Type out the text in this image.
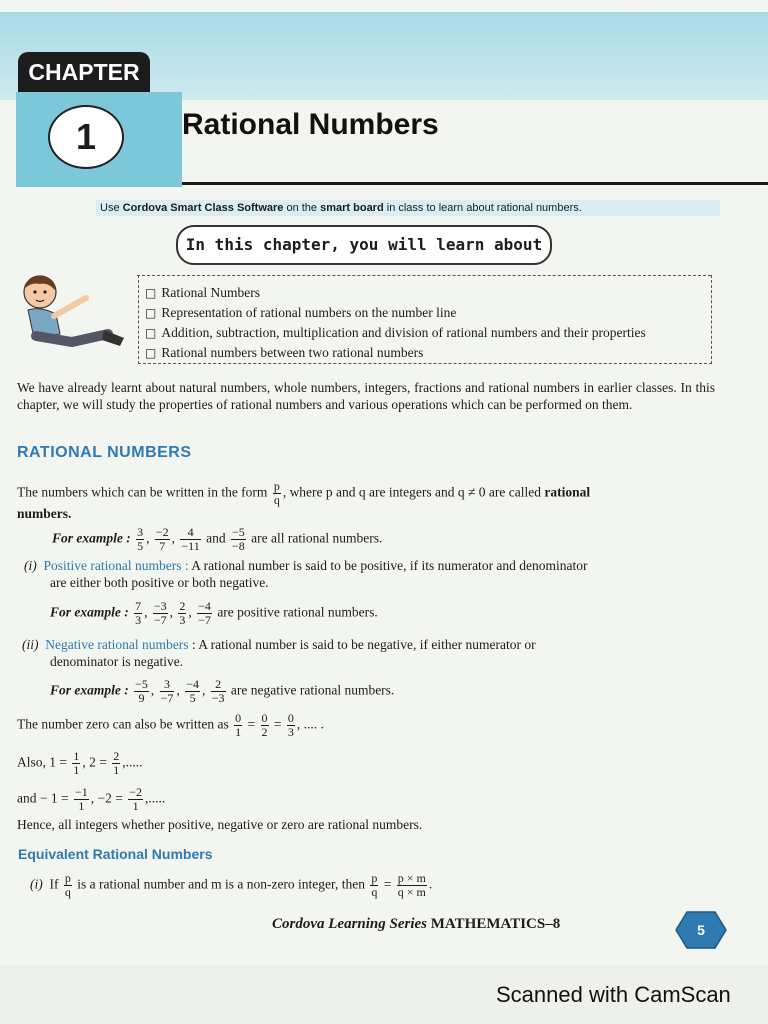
CHAPTER
1	Rational Numbers
Use Cordova Smart Class Software on the smart board in class to learn about rational numbers.
In this chapter, you will learn about
□ Rational Numbers
□ Representation of rational numbers on the number line
□ Addition, subtraction, multiplication and division of rational numbers and their properties
□ Rational numbers between two rational numbers
We have already learnt about natural numbers, whole numbers, integers, fractions and rational numbers in earlier classes. In this chapter, we will study the properties of rational numbers and various operations which can be performed on them.
RATIONAL NUMBERS
The numbers which can be written in the form $\frac{p}{q}$ , where p and q are integers and q ≠ 0 are called rational
numbers.
For example : $\frac{3}{5}$ , $\frac{-2}{7}$ , $\frac{4}{-11}$ and $\frac{-5}{-8}$ are all rational numbers.
(i) Positive rational numbers : A rational number is said to be positive, if its numerator and denominator
are either both positive or both negative.
For example : $\frac{7}{3}$ , $\frac{-3}{-7}$ , $\frac{2}{3}$ , $\frac{-4}{-7}$ are positive rational numbers.
(ii) Negative rational numbers : A rational number is said to be negative, if either numerator or
denominator is negative.
For example : $\frac{-5}{9}$ , $\frac{3}{-7}$ , $\frac{-4}{5}$ , $\frac{2}{-3}$ are negative rational numbers.
The number zero can also be written as $\frac{0}{1} = \frac{0}{2} = \frac{0}{3}$ , .... .
Also, $1 = \frac{1}{1}$ , $2 = \frac{2}{1}$ ,.....
and − $1 = \frac{-1}{1}$ , $-2 = \frac{-2}{1}$ ,.....
Hence, all integers whether positive, negative or zero are rational numbers.
Equivalent Rational Numbers
(i) If $\frac{p}{q}$ is a rational number and m is a non-zero integer, then $\frac{p}{q} = \frac{p \times m}{q \times m}$ .
Cordova Learning Series MATHEMATICS–8	5
Scanned with CamScan
